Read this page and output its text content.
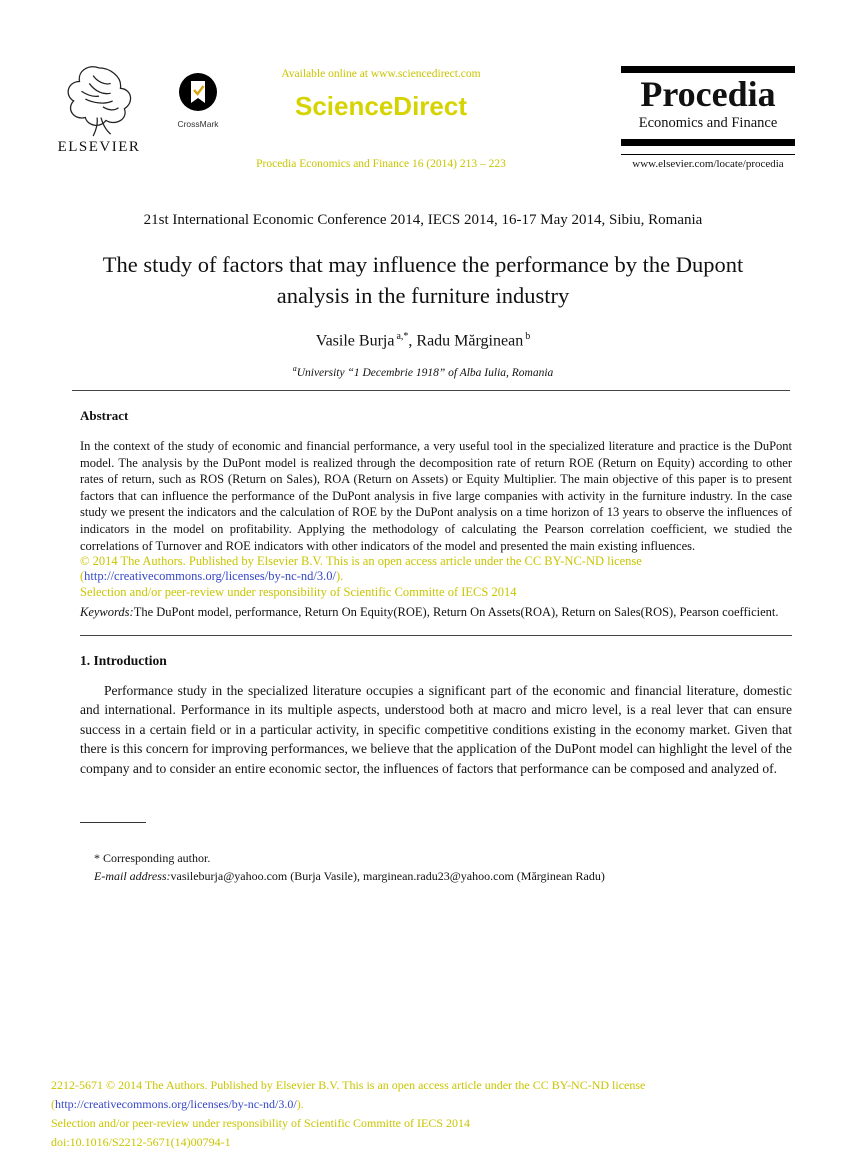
ELSEVIER
CrossMark
Available online at www.sciencedirect.com
ScienceDirect
Procedia Economics and Finance 16 (2014) 213 – 223
Procedia
Economics and Finance
www.elsevier.com/locate/procedia
21st International Economic Conference 2014, IECS 2014, 16-17 May 2014, Sibiu, Romania
The study of factors that may influence the performance by the Dupont analysis in the furniture industry
Vasile Burja $^{a,*}$, Radu Mărginean $^b$
$^a$University “1 Decembrie 1918” of Alba Iulia, Romania
Abstract

In the context of the study of economic and financial performance, a very useful tool in the specialized literature and practice is the DuPont model. The analysis by the DuPont model is realized through the decomposition rate of return ROE (Return on Equity) according to other rates of return, such as ROS (Return on Sales), ROA (Return on Assets) or Equity Multiplier. The main objective of this paper is to present factors that can influence the performance of the DuPont analysis in five large companies with activity in the furniture industry. In the case study we present the indicators and the calculation of ROE by the DuPont analysis on a time horizon of 13 years to observe the influences of indicators in the model on profitability. Applying the methodology of calculating the Pearson correlation coefficient, we studied the correlations of Turnover and ROE indicators with other indicators of the model and presented the main existing influences.

© 2014 The Authors. Published by Elsevier B.V. This is an open access article under the CC BY-NC-ND license
(http://creativecommons.org/licenses/by-nc-nd/3.0/).
Selection and/or peer-review under responsibility of Scientific Committe of IECS 2014
Keywords:The DuPont model, performance, Return On Equity(ROE), Return On Assets(ROA), Return on Sales(ROS), Pearson coefficient.
1. Introduction

Performance study in the specialized literature occupies a significant part of the economic and financial literature, domestic and international. Performance in its multiple aspects, understood both at macro and micro level, is a real lever that can ensure success in a certain field or in a particular activity, in specific competitive conditions existing in the economy market. Given that there is this concern for improving performances, we believe that the application of the DuPont model can highlight the level of the company and to consider an entire economic sector, the influences of factors that performance can be composed and analyzed of.

* Corresponding author.
E-mail address:vasileburja@yahoo.com (Burja Vasile), marginean.radu23@yahoo.com (Mărginean Radu)
2212-5671 © 2014 The Authors. Published by Elsevier B.V. This is an open access article under the CC BY-NC-ND license
(http://creativecommons.org/licenses/by-nc-nd/3.0/).
Selection and/or peer-review under responsibility of Scientific Committe of IECS 2014
doi:10.1016/S2212-5671(14)00794-1
